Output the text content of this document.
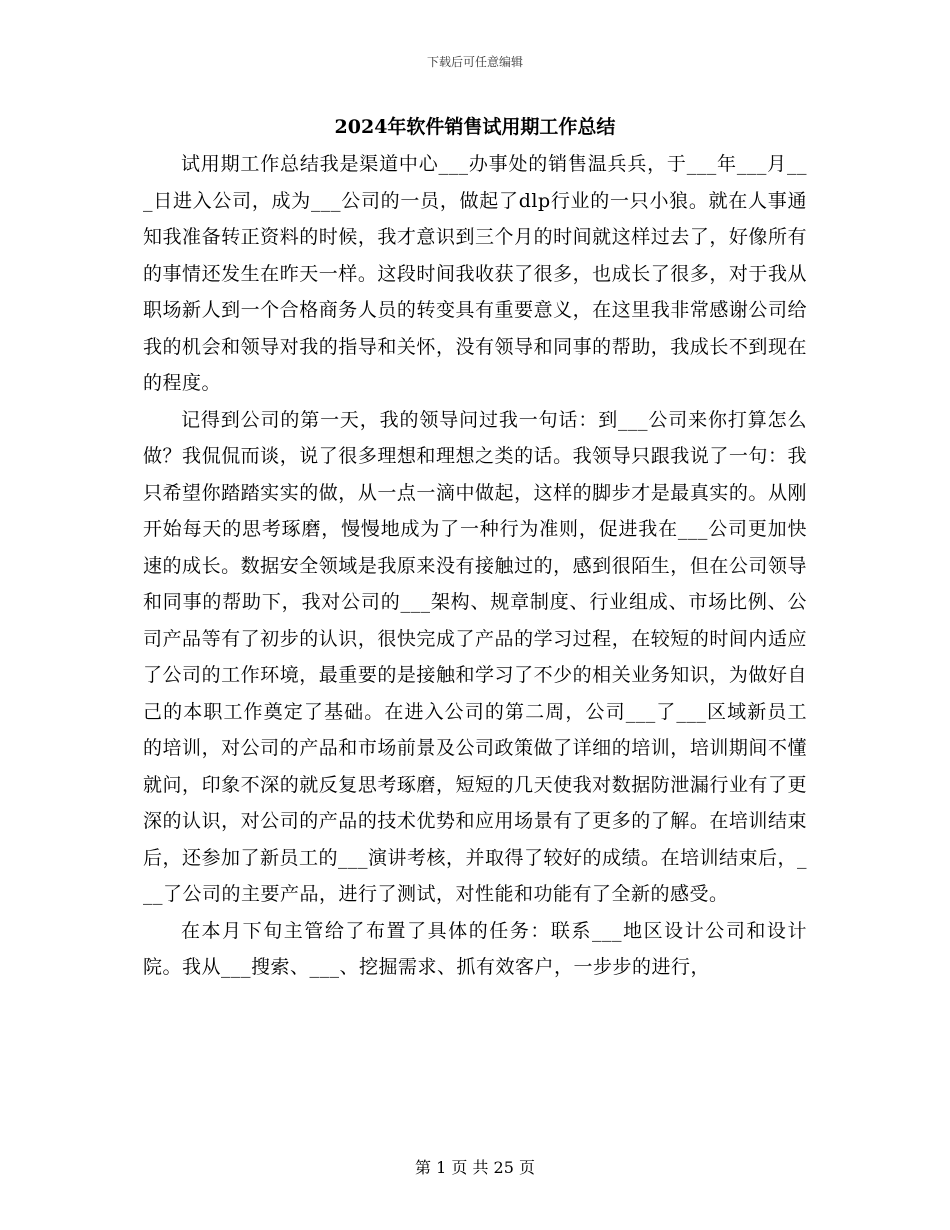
下载后可任意编辑
2024年软件销售试用期工作总结

试用期工作总结我是渠道中心___办事处的销售温兵兵，于___年___月___日进入公司，成为___公司的一员，做起了dlp行业的一只小狼。就在人事通知我准备转正资料的时候，我才意识到三个月的时间就这样过去了，好像所有的事情还发生在昨天一样。这段时间我收获了很多，也成长了很多，对于我从职场新人到一个合格商务人员的转变具有重要意义，在这里我非常感谢公司给我的机会和领导对我的指导和关怀，没有领导和同事的帮助，我成长不到现在的程度。

记得到公司的第一天，我的领导问过我一句话：到___公司来你打算怎么做？我侃侃而谈，说了很多理想和理想之类的话。我领导只跟我说了一句：我只希望你踏踏实实的做，从一点一滴中做起，这样的脚步才是最真实的。从刚开始每天的思考琢磨，慢慢地成为了一种行为准则，促进我在___公司更加快速的成长。数据安全领域是我原来没有接触过的，感到很陌生，但在公司领导和同事的帮助下，我对公司的___架构、规章制度、行业组成、市场比例、公司产品等有了初步的认识，很快完成了产品的学习过程，在较短的时间内适应了公司的工作环境，最重要的是接触和学习了不少的相关业务知识，为做好自己的本职工作奠定了基础。在进入公司的第二周，公司___了___区域新员工的培训，对公司的产品和市场前景及公司政策做了详细的培训，培训期间不懂就问，印象不深的就反复思考琢磨，短短的几天使我对数据防泄漏行业有了更深的认识，对公司的产品的技术优势和应用场景有了更多的了解。在培训结束后，还参加了新员工的___演讲考核，并取得了较好的成绩。在培训结束后，___了公司的主要产品，进行了测试，对性能和功能有了全新的感受。

在本月下旬主管给了布置了具体的任务：联系___地区设计公司和设计院。我从___搜索、___、挖掘需求、抓有效客户，一步步的进行，

第 1 页 共 25 页
